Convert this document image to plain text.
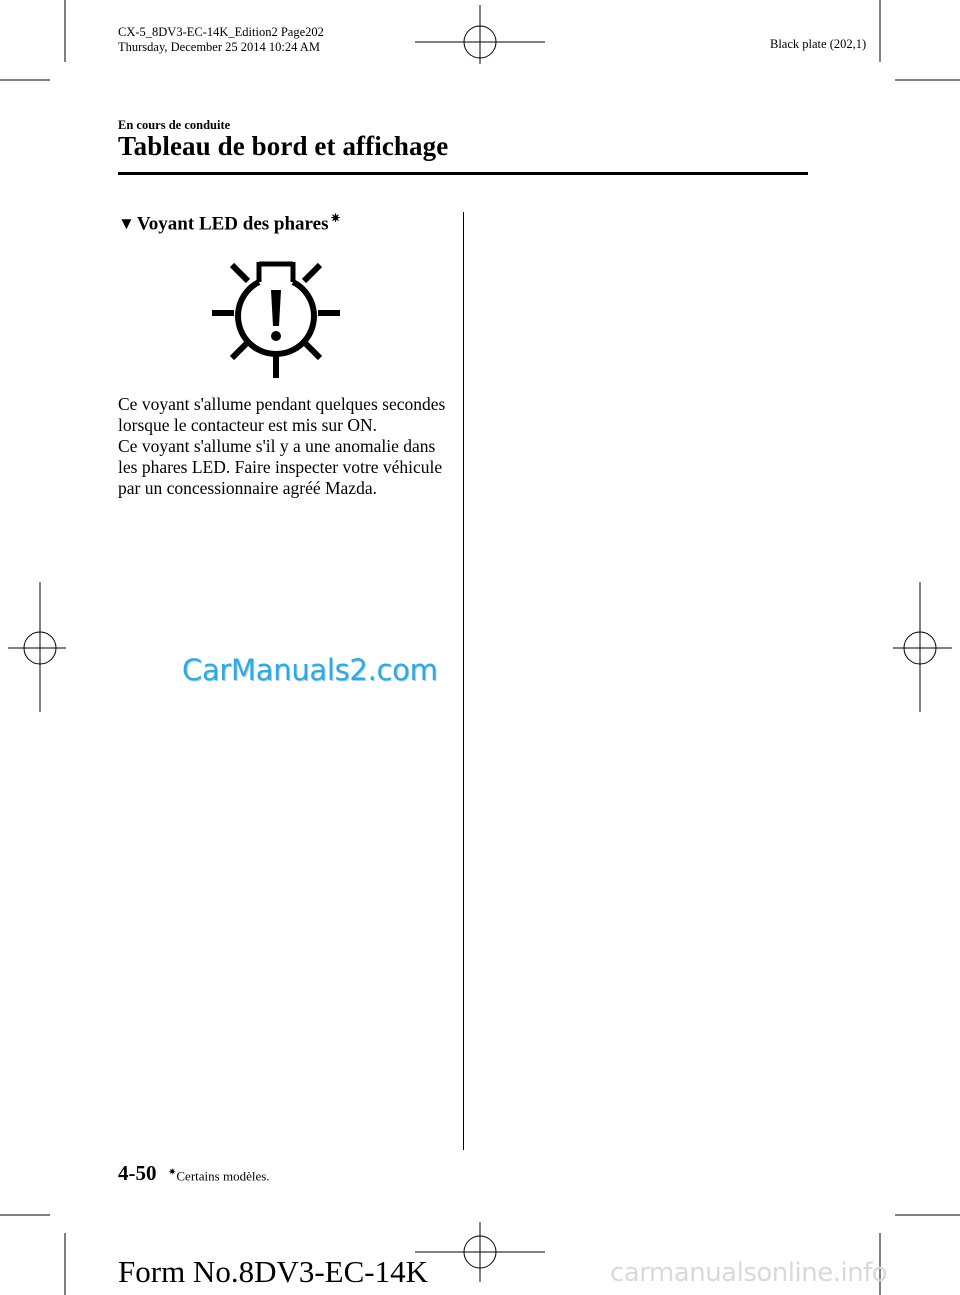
CX-5_8DV3-EC-14K_Edition2 Page202
Thursday, December 25 2014 10:24 AM	Black plate (202,1)
En cours de conduite
Tableau de bord et affichage
▼ Voyant LED des phares ✷

Ce voyant s'allume pendant quelques secondes lorsque le contacteur est mis sur ON.

Ce voyant s'allume s'il y a une anomalie dans les phares LED. Faire inspecter votre véhicule par un concessionnaire agréé Mazda.

CarManuals2.com
4-50 ✷Certains modèles.
Form No.8DV3-EC-14K	carmanualsonline.info
